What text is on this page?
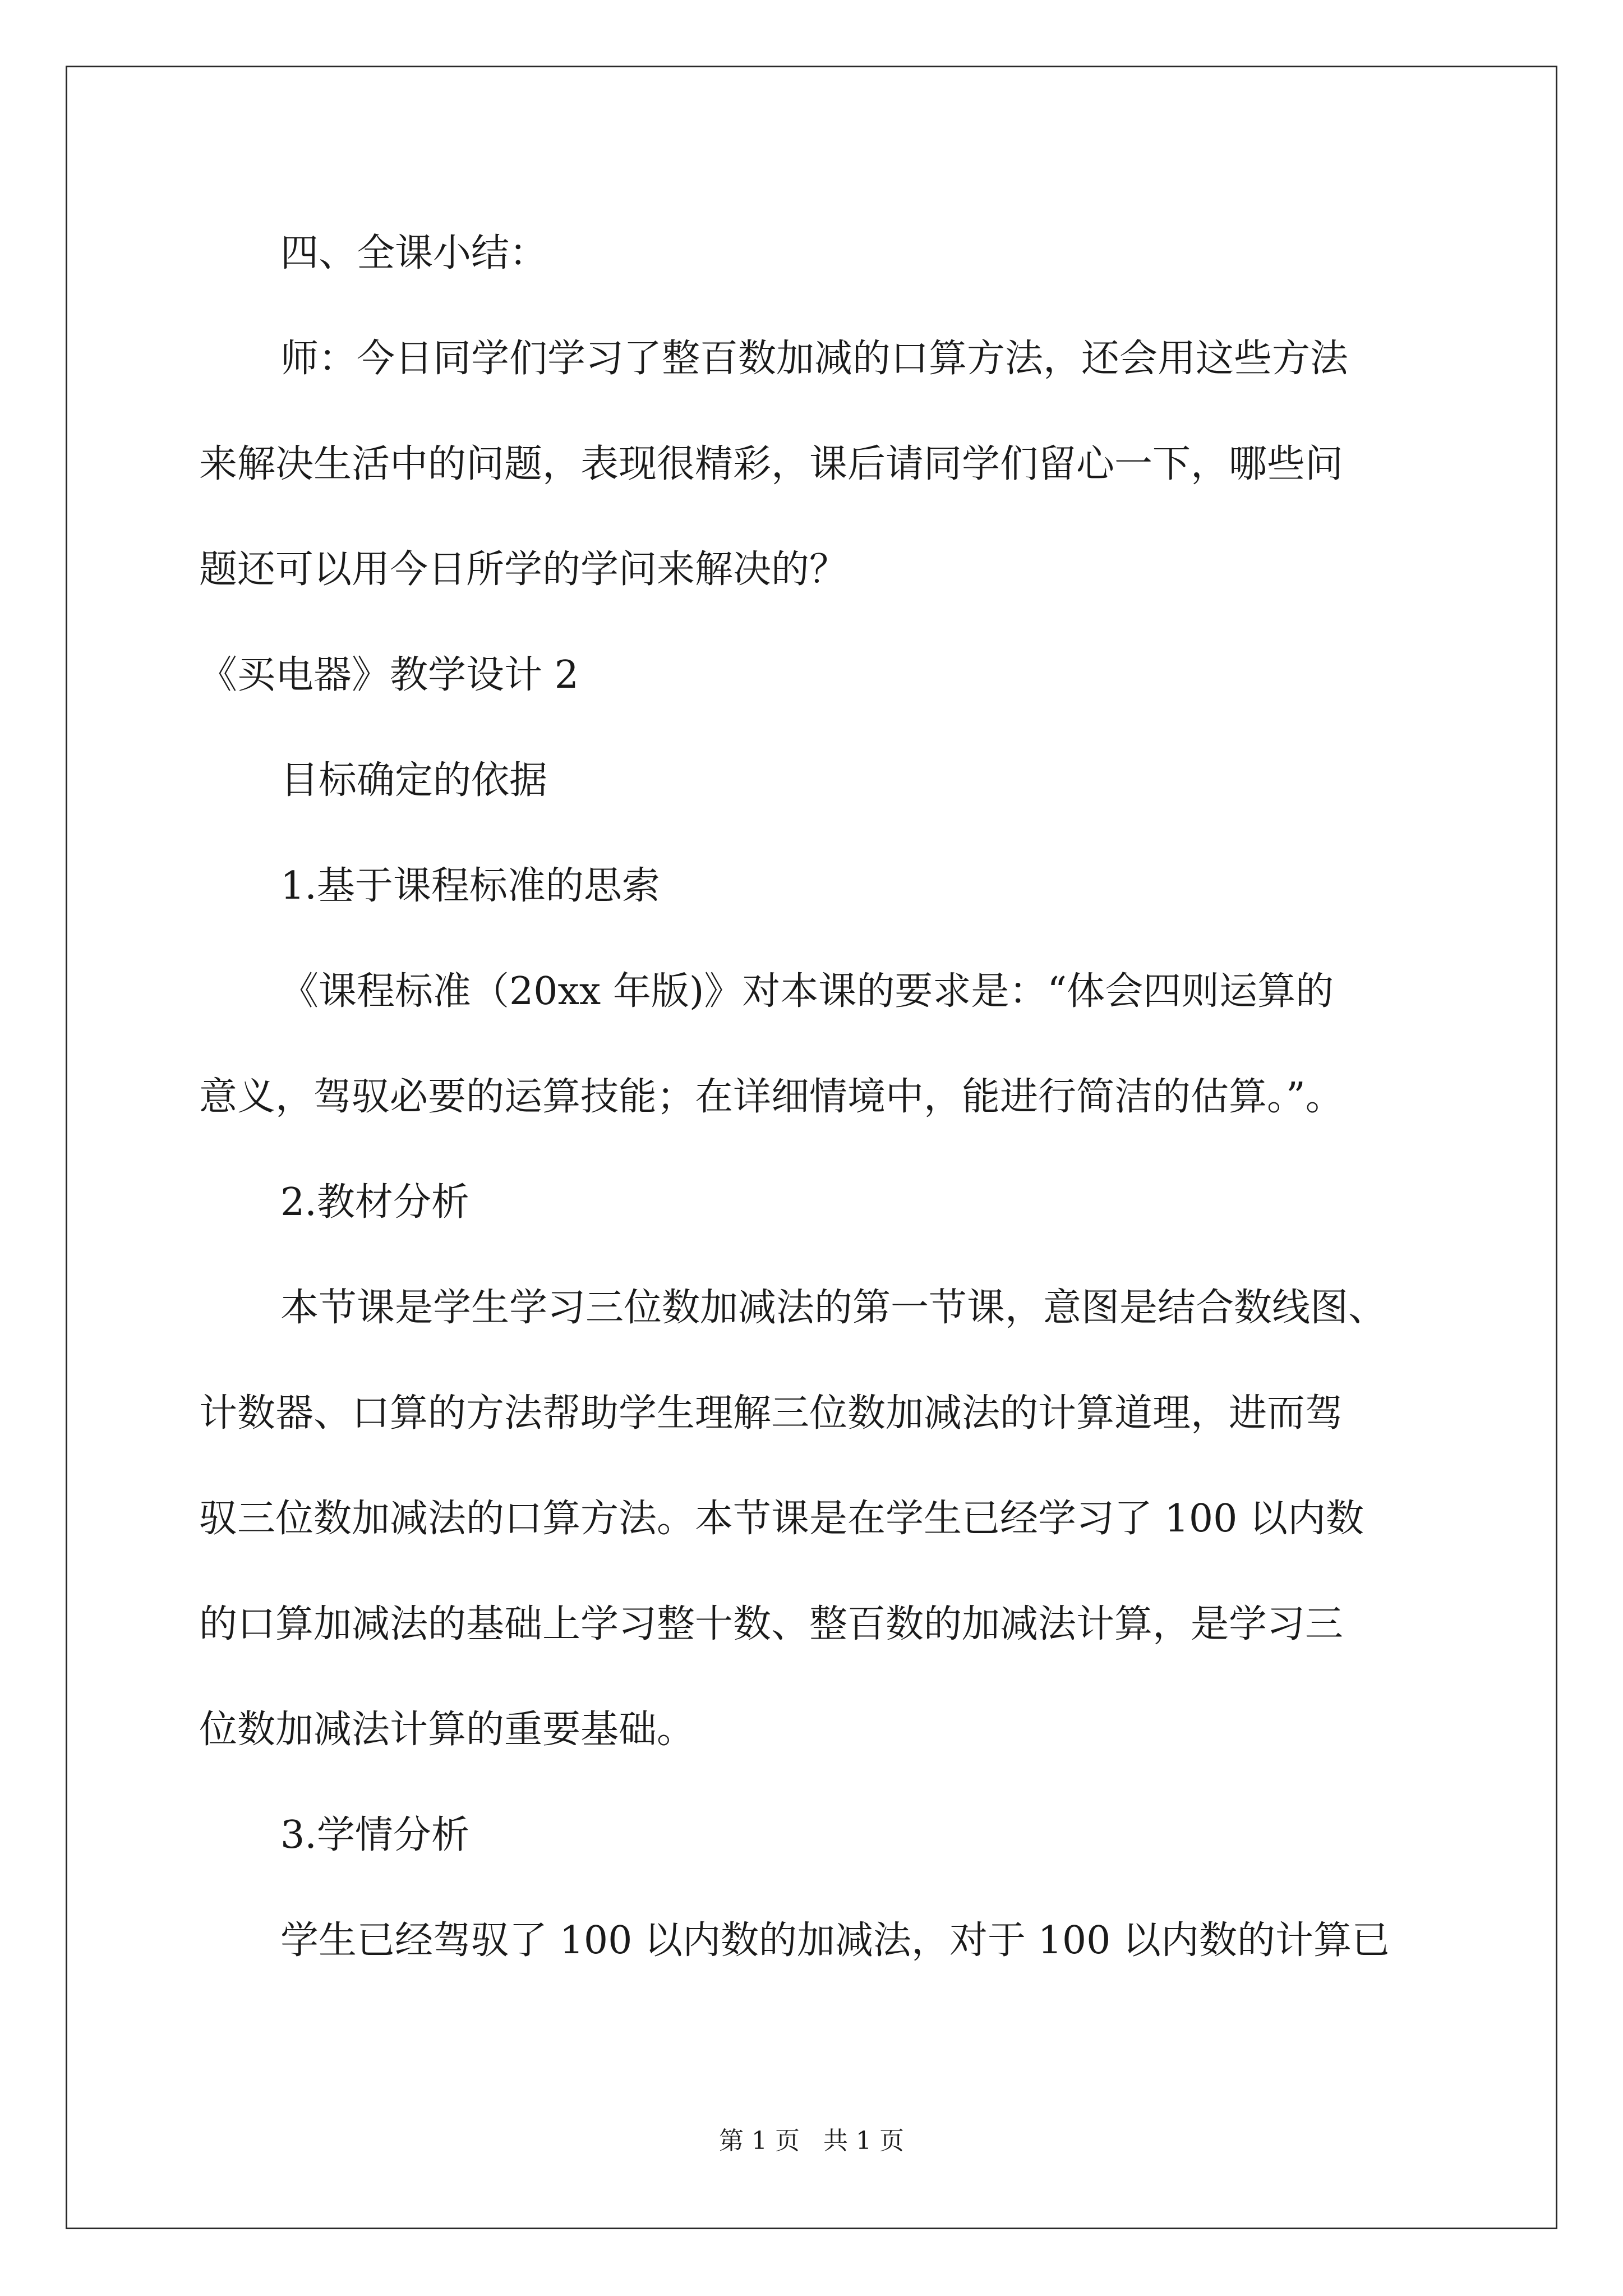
四、全课小结：
师：今日同学们学习了整百数加减的口算方法，还会用这些方法
来解决生活中的问题，表现很精彩，课后请同学们留心一下，哪些问
题还可以用今日所学的学问来解决的？
《买电器》教学设计 2
目标确定的依据
1.基于课程标准的思索
《课程标准（20xx 年版)》对本课的要求是：“体会四则运算的
意义，驾驭必要的运算技能；在详细情境中，能进行简洁的估算。”。
2.教材分析
本节课是学生学习三位数加减法的第一节课，意图是结合数线图、
计数器、口算的方法帮助学生理解三位数加减法的计算道理，进而驾
驭三位数加减法的口算方法。本节课是在学生已经学习了 100 以内数
的口算加减法的基础上学习整十数、整百数的加减法计算，是学习三
位数加减法计算的重要基础。
3.学情分析
学生已经驾驭了 100 以内数的加减法，对于 100 以内数的计算已
第 1 页   共 1 页
